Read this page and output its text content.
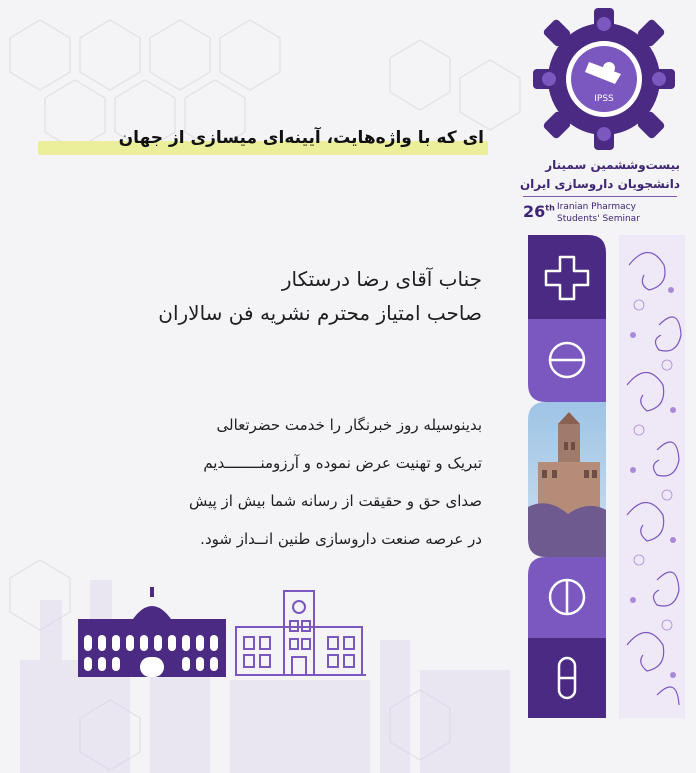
ای که با واژه‌هایت، آیینه‌ای میسازی از جهان
جناب آقای رضا درستکار
صاحب امتیاز محترم نشریه فن سالاران
بدینوسیله روز خبرنگار را خدمت حضرتعالی
تبریک و تهنیت عرض نموده و آرزومنــــــــدیم
صدای حق و حقیقت از رسانه شما بیش از پیش
در عرصه صنعت داروسازی طنین انــداز شود.
IPSS
بیست‌و‌ششمین سمینار
دانشجویان داروسازی ایران
26th Iranian Pharmacy
Students' Seminar
